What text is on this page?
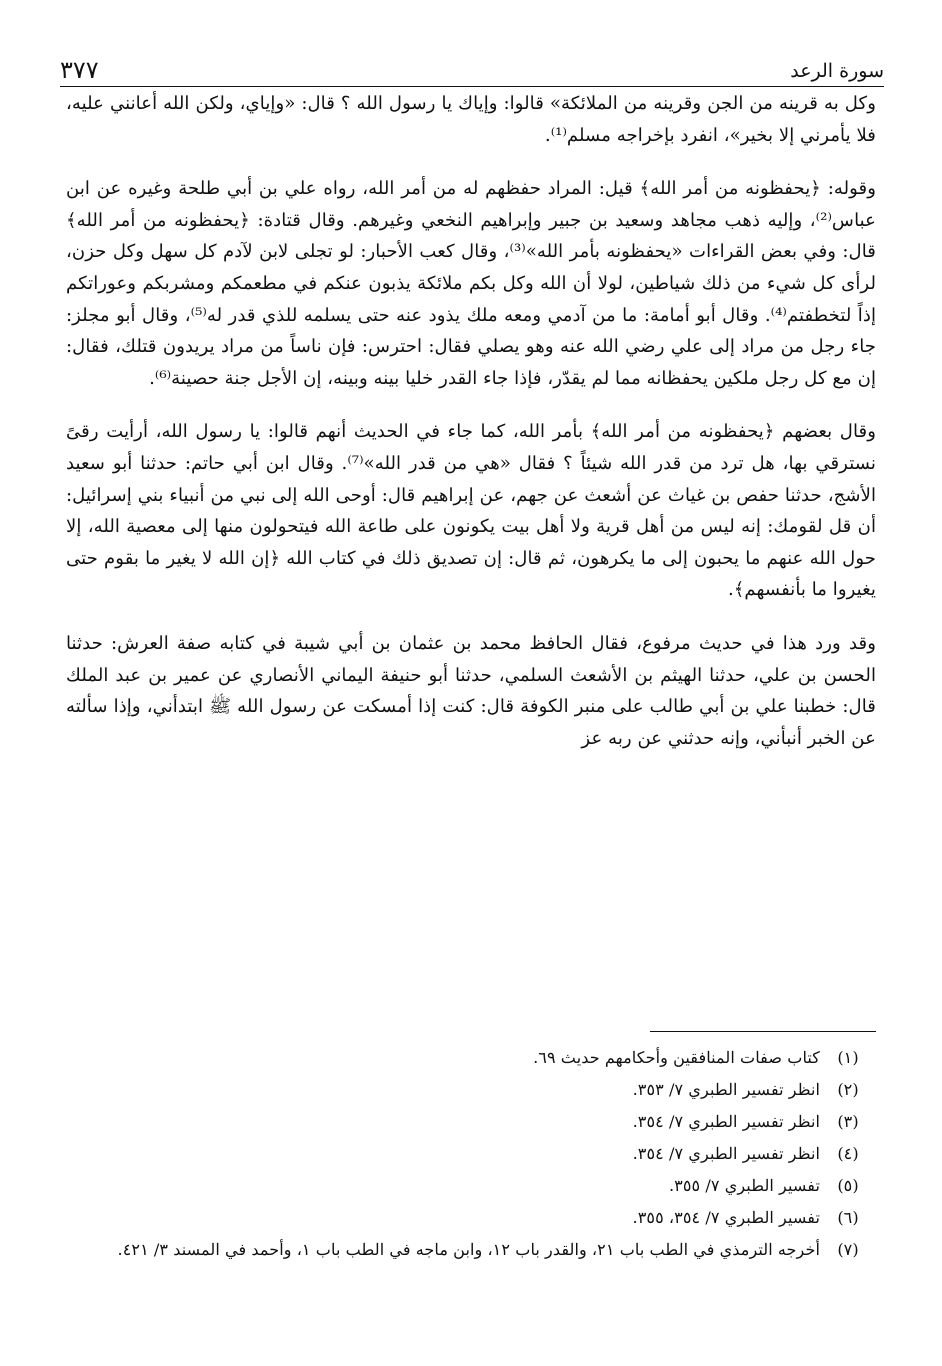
سورة الرعد
٣٧٧

وكل به قرينه من الجن وقرينه من الملائكة» قالوا: وإياك يا رسول الله ؟ قال: «وإياي، ولكن الله أعانني عليه، فلا يأمرني إلا بخير»، انفرد بإخراجه مسلم⁽¹⁾.

وقوله: ﴿يحفظونه من أمر الله﴾ قيل: المراد حفظهم له من أمر الله، رواه علي بن أبي طلحة وغيره عن ابن عباس⁽²⁾، وإليه ذهب مجاهد وسعيد بن جبير وإبراهيم النخعي وغيرهم. وقال قتادة: ﴿يحفظونه من أمر الله﴾ قال: وفي بعض القراءات «يحفظونه بأمر الله»⁽³⁾، وقال كعب الأحبار: لو تجلى لابن لآدم كل سهل وكل حزن، لرأى كل شيء من ذلك شياطين، لولا أن الله وكل بكم ملائكة يذبون عنكم في مطعمكم ومشربكم وعوراتكم إذاً لتخطفتم⁽⁴⁾. وقال أبو أمامة: ما من آدمي ومعه ملك يذود عنه حتى يسلمه للذي قدر له⁽⁵⁾، وقال أبو مجلز: جاء رجل من مراد إلى علي رضي الله عنه وهو يصلي فقال: احترس: فإن ناساً من مراد يريدون قتلك، فقال: إن مع كل رجل ملكين يحفظانه مما لم يقدّر، فإذا جاء القدر خليا بينه وبينه، إن الأجل جنة حصينة⁽⁶⁾.

وقال بعضهم ﴿يحفظونه من أمر الله﴾ بأمر الله، كما جاء في الحديث أنهم قالوا: يا رسول الله، أرأيت رقىً نسترقي بها، هل ترد من قدر الله شيئاً ؟ فقال «هي من قدر الله»⁽⁷⁾. وقال ابن أبي حاتم: حدثنا أبو سعيد الأشج، حدثنا حفص بن غياث عن أشعث عن جهم، عن إبراهيم قال: أوحى الله إلى نبي من أنبياء بني إسرائيل: أن قل لقومك: إنه ليس من أهل قرية ولا أهل بيت يكونون على طاعة الله فيتحولون منها إلى معصية الله، إلا حول الله عنهم ما يحبون إلى ما يكرهون، ثم قال: إن تصديق ذلك في كتاب الله ﴿إن الله لا يغير ما بقوم حتى يغيروا ما بأنفسهم﴾.

وقد ورد هذا في حديث مرفوع، فقال الحافظ محمد بن عثمان بن أبي شيبة في كتابه صفة العرش: حدثنا الحسن بن علي، حدثنا الهيثم بن الأشعث السلمي، حدثنا أبو حنيفة اليماني الأنصاري عن عمير بن عبد الملك قال: خطبنا علي بن أبي طالب على منبر الكوفة قال: كنت إذا أمسكت عن رسول الله ﷺ ابتدأني، وإذا سألته عن الخبر أنبأني، وإنه حدثني عن ربه عز

(١)
كتاب صفات المنافقين وأحكامهم حديث ٦٩.
(٢)
انظر تفسير الطبري ٧/ ٣٥٣.
(٣)
انظر تفسير الطبري ٧/ ٣٥٤.
(٤)
انظر تفسير الطبري ٧/ ٣٥٤.
(٥)
تفسير الطبري ٧/ ٣٥٥.
(٦)
تفسير الطبري ٧/ ٣٥٤، ٣٥٥.
(٧)
أخرجه الترمذي في الطب باب ٢١، والقدر باب ١٢، وابن ماجه في الطب باب ١، وأحمد في المسند ٣/ ٤٢١.
